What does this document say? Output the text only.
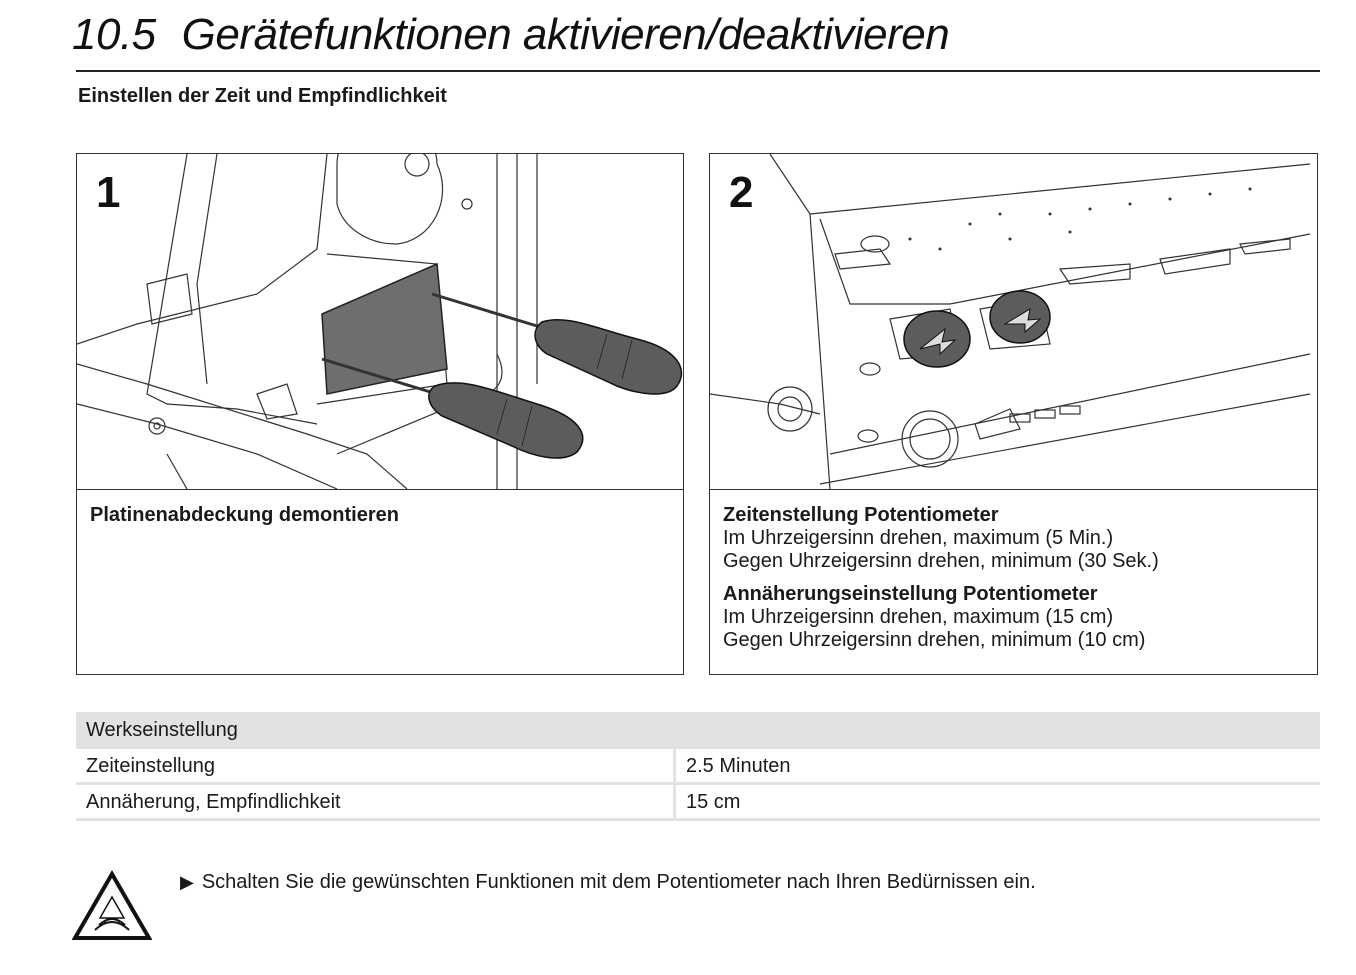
10.5 Gerätefunktionen aktivieren/deaktivieren
Einstellen der Zeit und Empfindlichkeit
1
Platinenabdeckung demontieren
2
Zeitenstellung Potentiometer
Im Uhrzeigersinn drehen, maximum (5 Min.)
Gegen Uhrzeigersinn drehen, minimum (30 Sek.)
Annäherungseinstellung Potentiometer
Im Uhrzeigersinn drehen, maximum (15 cm)
Gegen Uhrzeigersinn drehen, minimum (10 cm)
Werkseinstellung
Zeiteinstellung	2.5 Minuten
Annäherung, Empfindlichkeit	15 cm
▶ Schalten Sie die gewünschten Funktionen mit dem Potentiometer nach Ihren Bedürnissen ein.
